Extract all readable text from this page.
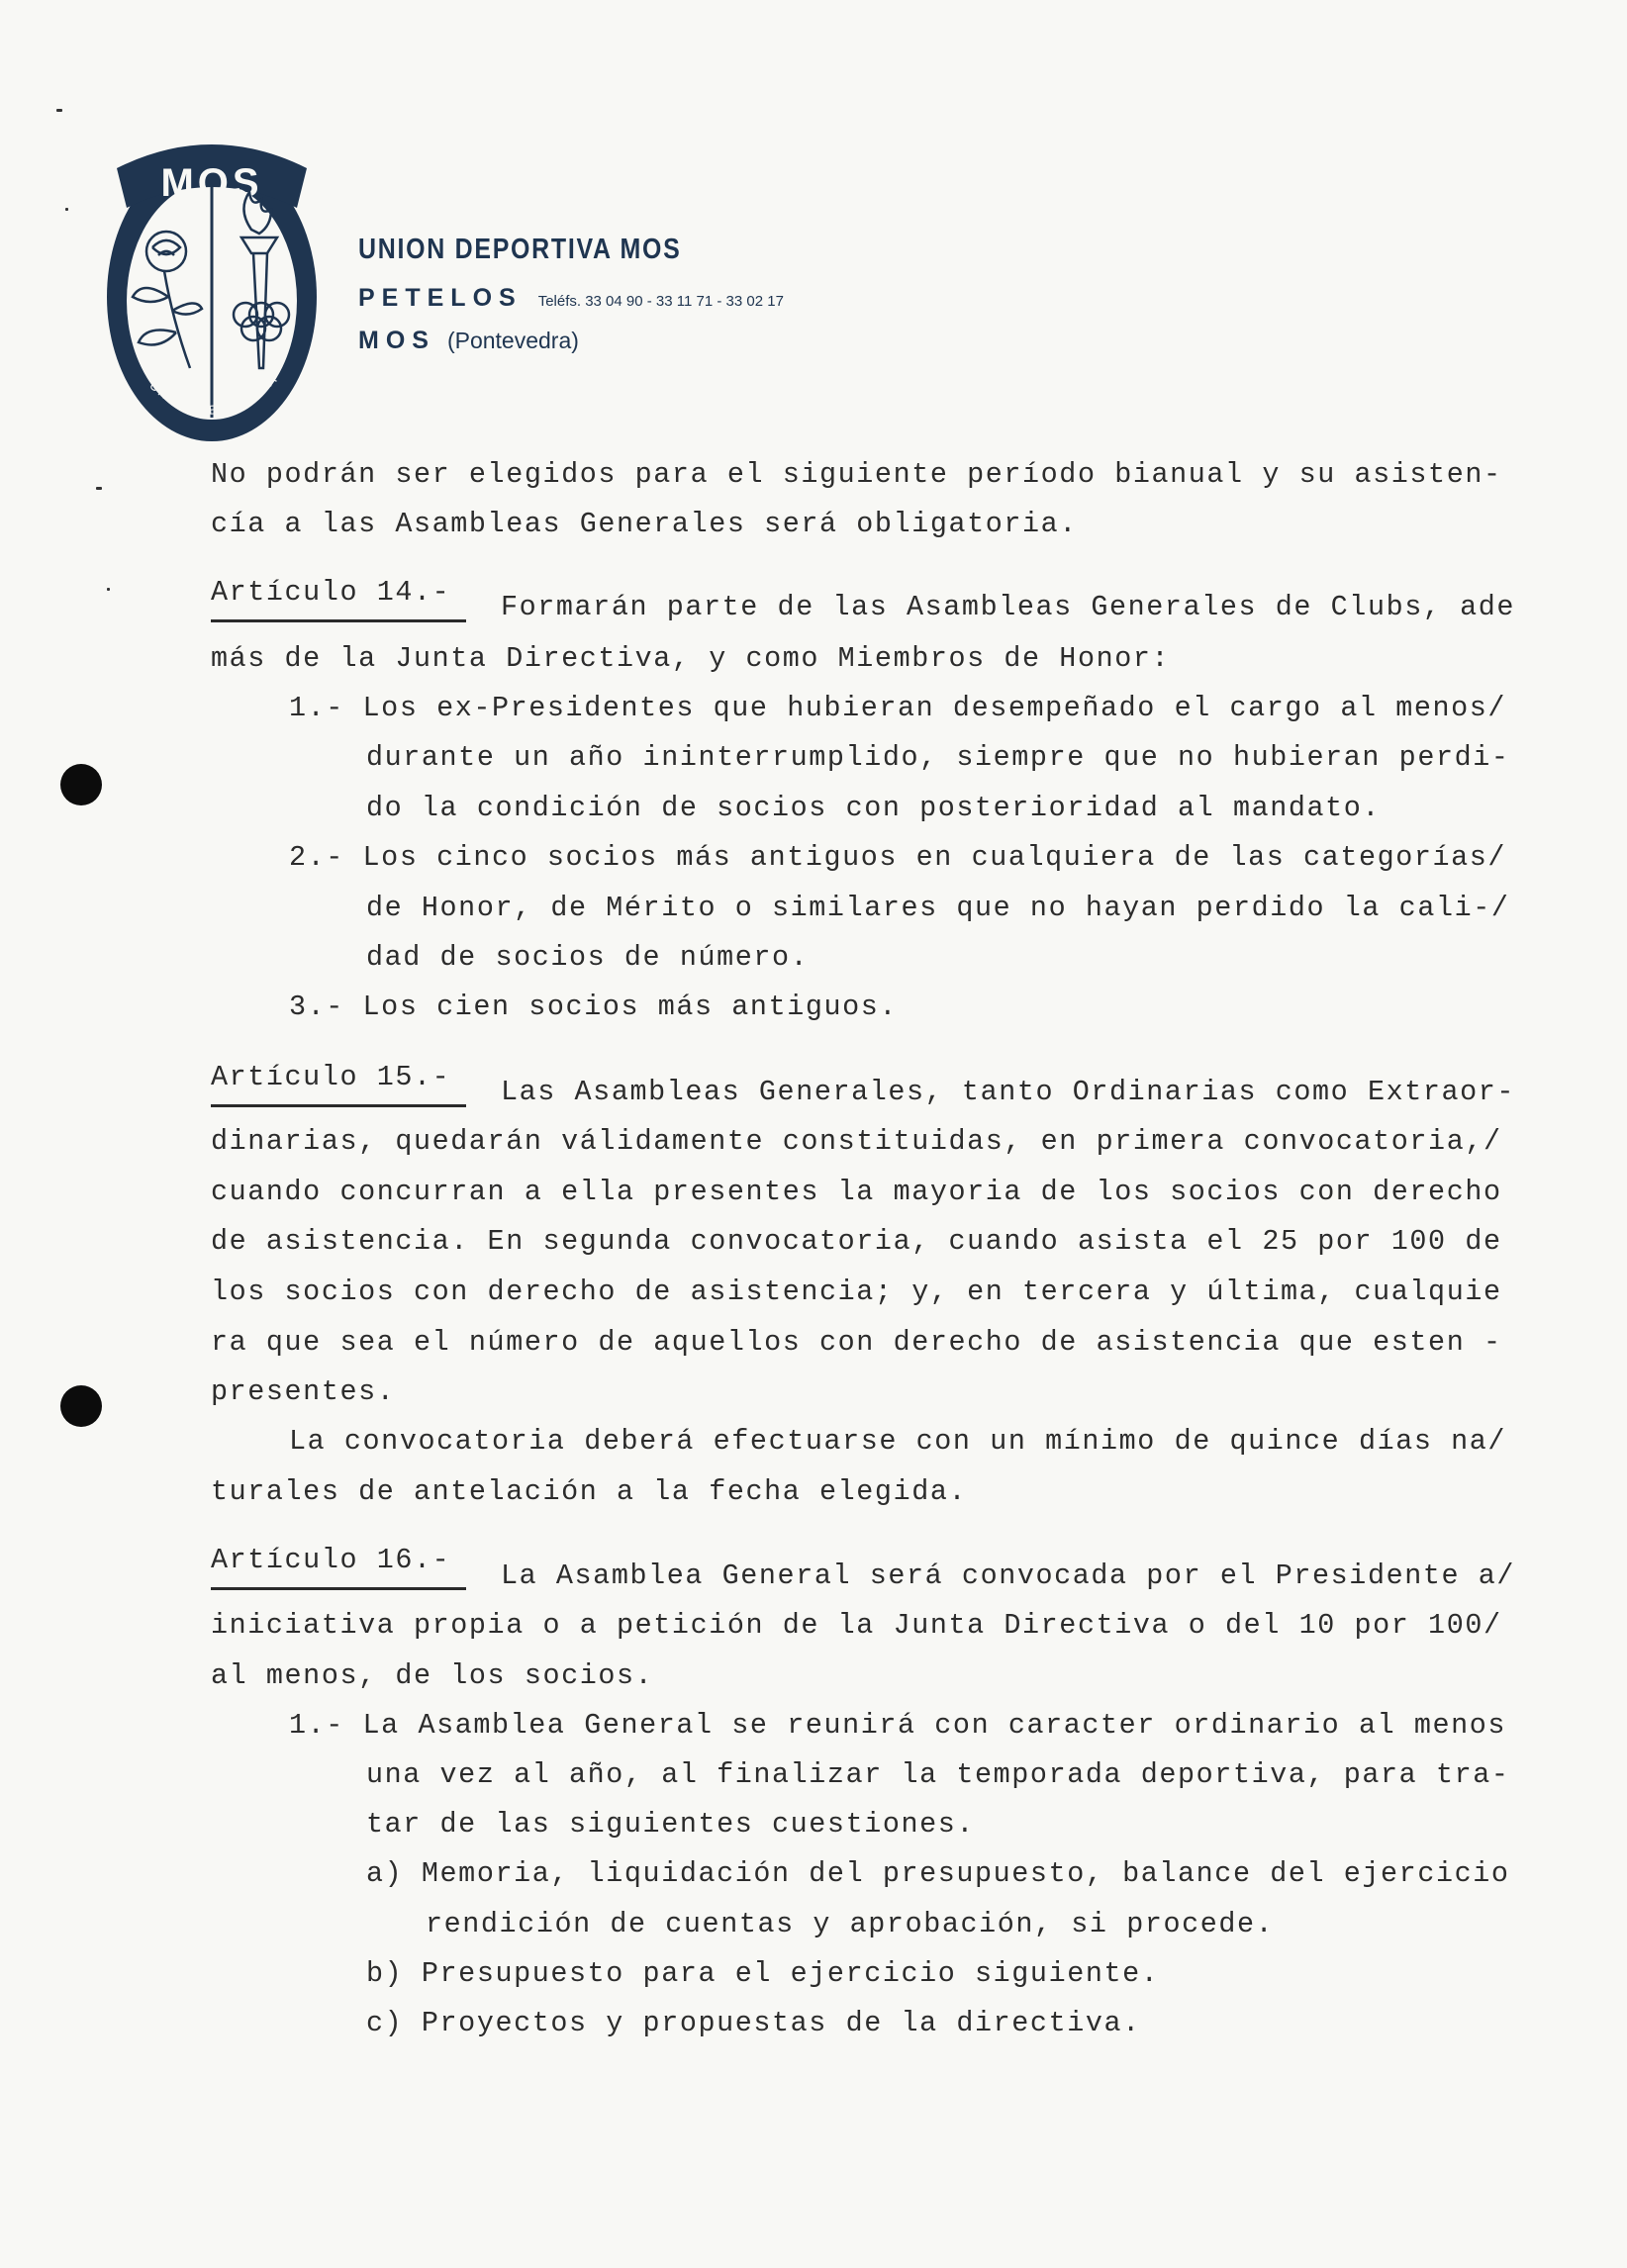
MOS
UNION DEPORTIVA
UNION DEPORTIVA MOS
PETELOS Teléfs. 33 04 90 - 33 11 71 - 33 02 17
MOS (Pontevedra)
No podrán ser elegidos para el siguiente período bianual y su asisten-
cía a las Asambleas Generales será obligatoria.
Artículo 14.- Formarán parte de las Asambleas Generales de Clubs, ade
más de la Junta Directiva, y como Miembros de Honor:
1.- Los ex-Presidentes que hubieran desempeñado el cargo al menos/
durante un año ininterrumplido, siempre que no hubieran perdi-
do la condición de socios con posterioridad al mandato.
2.- Los cinco socios más antiguos en cualquiera de las categorías/
de Honor, de Mérito o similares que no hayan perdido la cali-/
dad de socios de número.
3.- Los cien socios más antiguos.
Artículo 15.- Las Asambleas Generales, tanto Ordinarias como Extraor-
dinarias, quedarán válidamente constituidas, en primera convocatoria,/
cuando concurran a ella presentes la mayoria de los socios con derecho
de asistencia. En segunda convocatoria, cuando asista el 25 por 100 de
los socios con derecho de asistencia; y, en tercera y última, cualquie
ra que sea el número de aquellos con derecho de asistencia que esten -
presentes.
La convocatoria deberá efectuarse con un mínimo de quince días na/
turales de antelación a la fecha elegida.
Artículo 16.- La Asamblea General será convocada por el Presidente a/
iniciativa propia o a petición de la Junta Directiva o del 10 por 100/
al menos, de los socios.
1.- La Asamblea General se reunirá con caracter ordinario al menos
una vez al año, al finalizar la temporada deportiva, para tra-
tar de las siguientes cuestiones.
a) Memoria, liquidación del presupuesto, balance del ejercicio
rendición de cuentas y aprobación, si procede.
b) Presupuesto para el ejercicio siguiente.
c) Proyectos y propuestas de la directiva.
